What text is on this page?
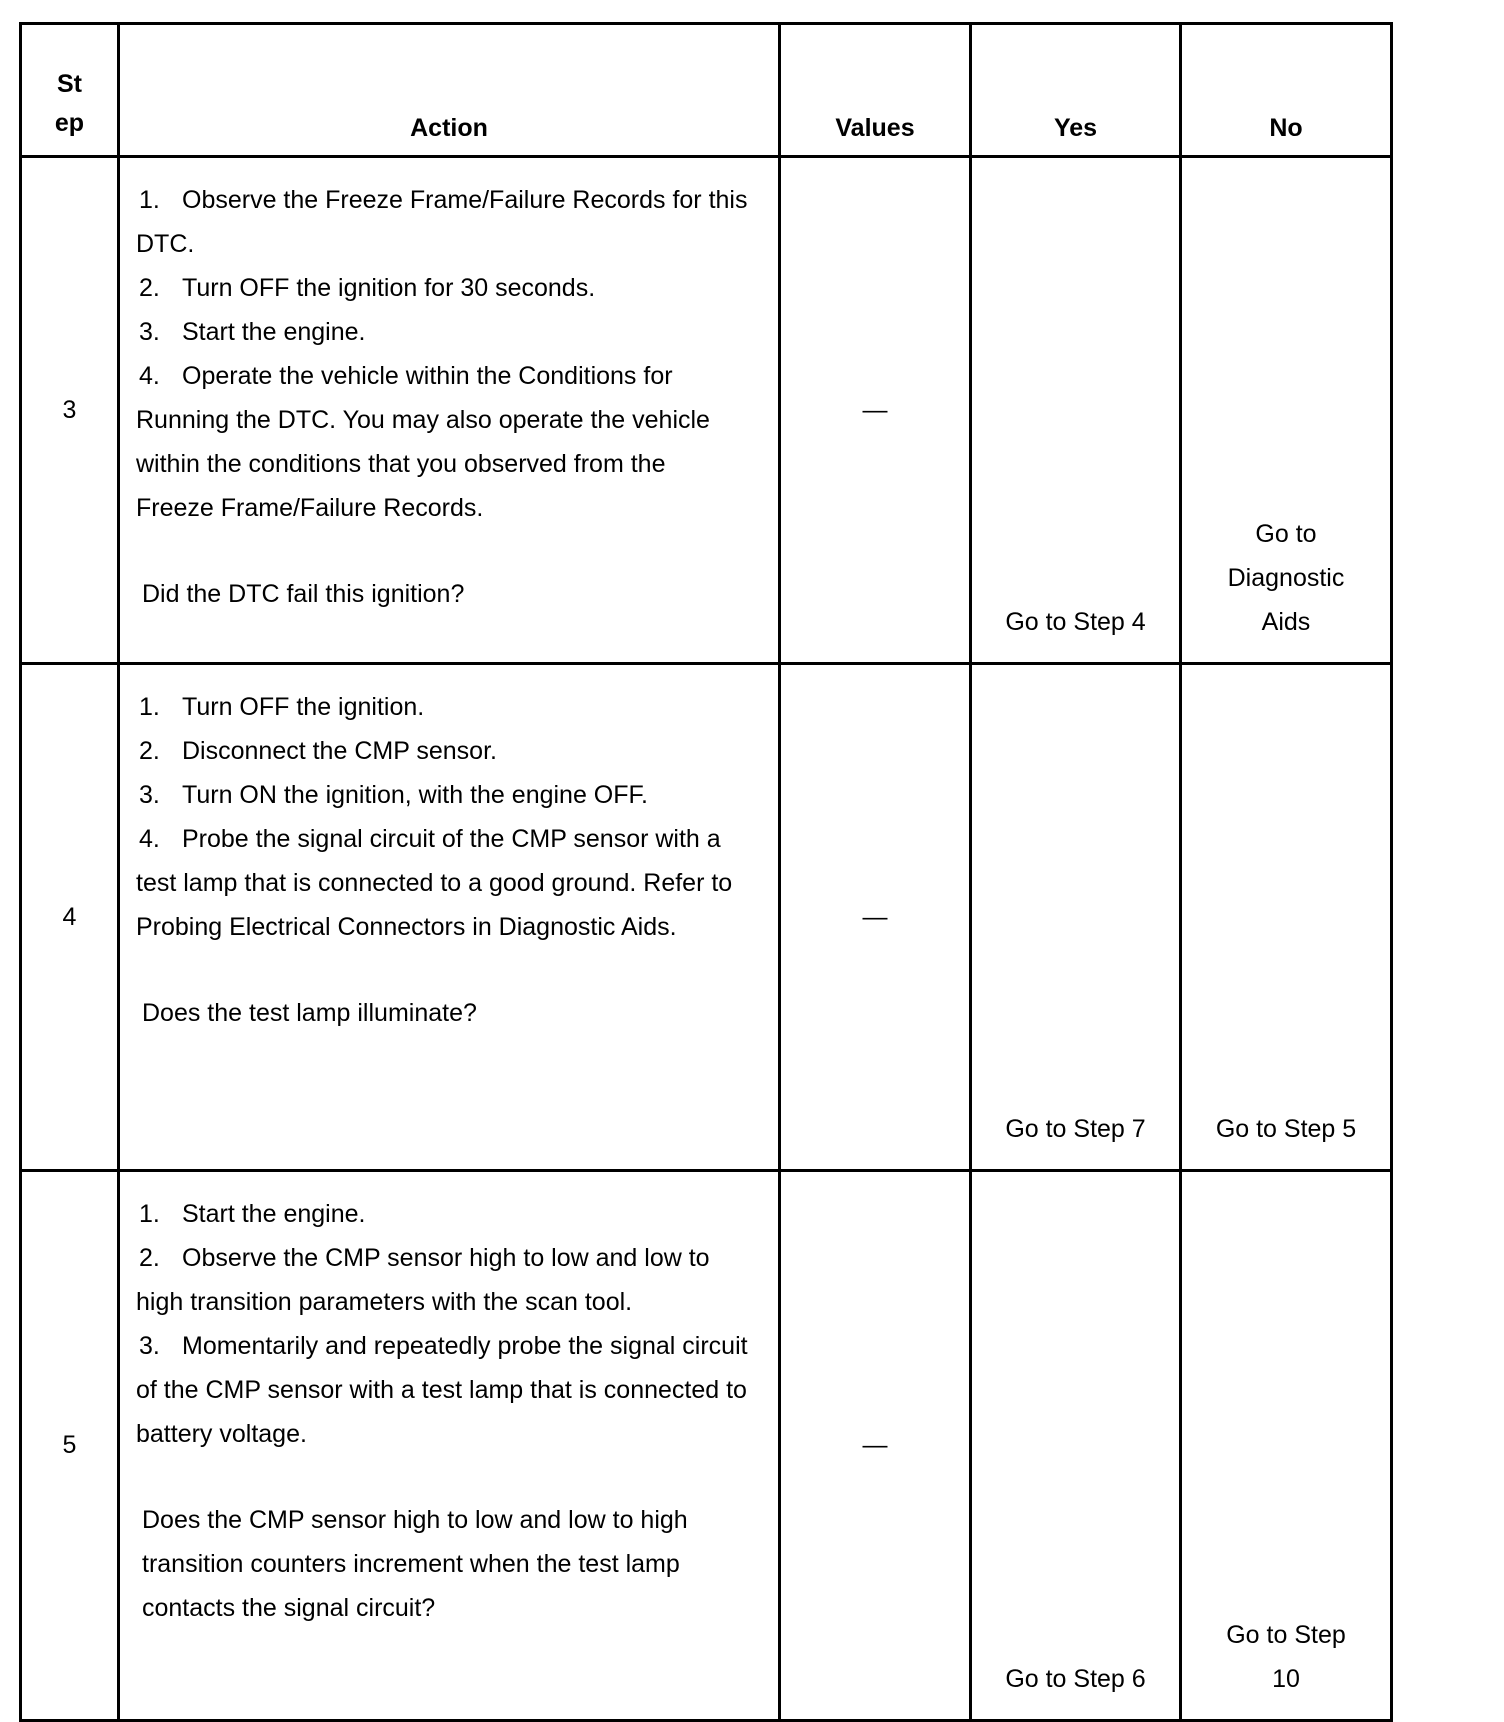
Step	Action	Values	Yes	No
3	1. Observe the Freeze Frame/Failure Records for this DTC.
2. Turn OFF the ignition for 30 seconds.
3. Start the engine.
4. Operate the vehicle within the Conditions for Running the DTC. You may also operate the vehicle within the conditions that you observed from the Freeze Frame/Failure Records.
Did the DTC fail this ignition?	—	Go to Step 4	Go to Diagnostic Aids
4	1. Turn OFF the ignition.
2. Disconnect the CMP sensor.
3. Turn ON the ignition, with the engine OFF.
4. Probe the signal circuit of the CMP sensor with a test lamp that is connected to a good ground. Refer to Probing Electrical Connectors in Diagnostic Aids.
Does the test lamp illuminate?	—	Go to Step 7	Go to Step 5
5	1. Start the engine.
2. Observe the CMP sensor high to low and low to high transition parameters with the scan tool.
3. Momentarily and repeatedly probe the signal circuit of the CMP sensor with a test lamp that is connected to battery voltage.
Does the CMP sensor high to low and low to high transition counters increment when the test lamp contacts the signal circuit?	—	Go to Step 6	Go to Step 10
